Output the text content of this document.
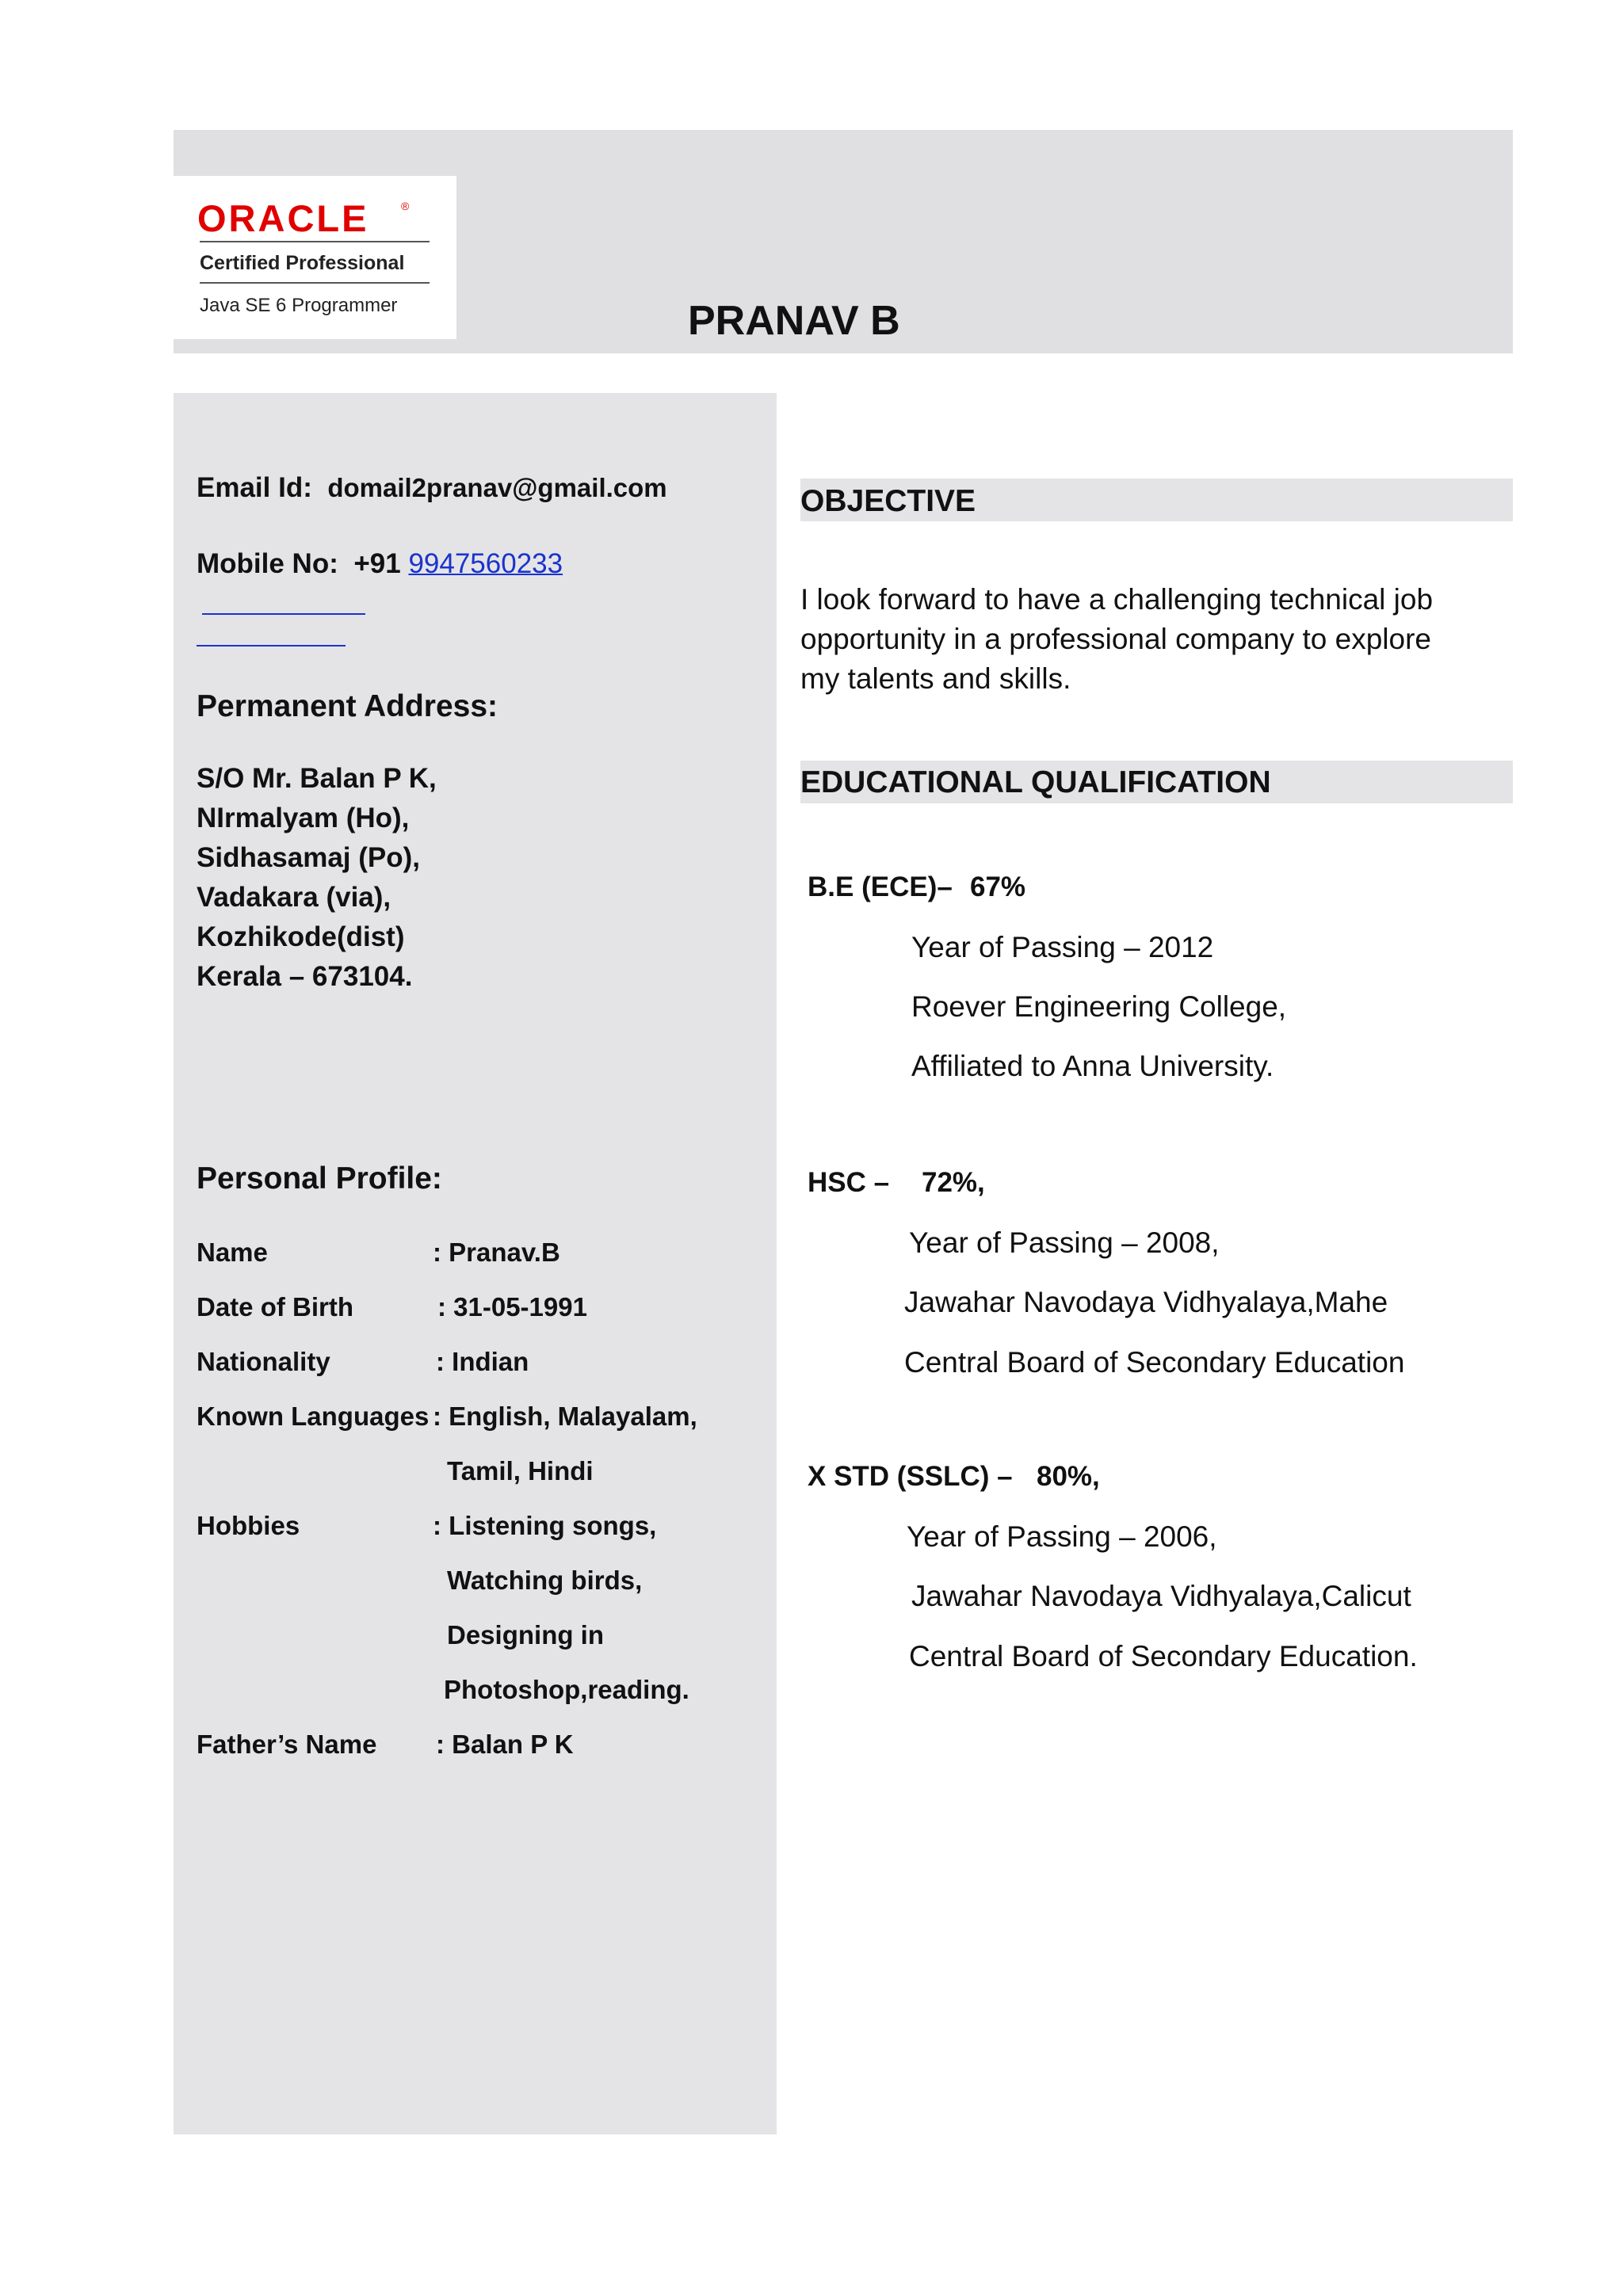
ORACLE	®
Certified Professional
Java SE 6 Programmer	PRANAV B
Email Id: domail2pranav@gmail.com
Mobile No: +91 9947560233
Permanent Address:
S/O Mr. Balan P K,
NIrmalyam (Ho),
Sidhasamaj (Po),
Vadakara (via),
Kozhikode(dist)
Kerala – 673104.
Personal Profile:
Name	: Pranav.B
Date of Birth	: 31-05-1991
Nationality	: Indian
Known Languages : English, Malayalam,
Tamil, Hindi
Hobbies	: Listening songs,
Watching birds,
Designing in
Photoshop,reading.
Father’s Name : Balan P K
OBJECTIVE
I look forward to have a challenging technical job
opportunity in a professional company to explore
my talents and skills.
EDUCATIONAL QUALIFICATION
B.E (ECE)– 67%
Year of Passing – 2012
Roever Engineering College,
Affiliated to Anna University.
HSC – 72%,
Year of Passing – 2008,
Jawahar Navodaya Vidhyalaya,Mahe
Central Board of Secondary Education
X STD (SSLC) – 80%,
Year of Passing – 2006,
Jawahar Navodaya Vidhyalaya,Calicut
Central Board of Secondary Education.
